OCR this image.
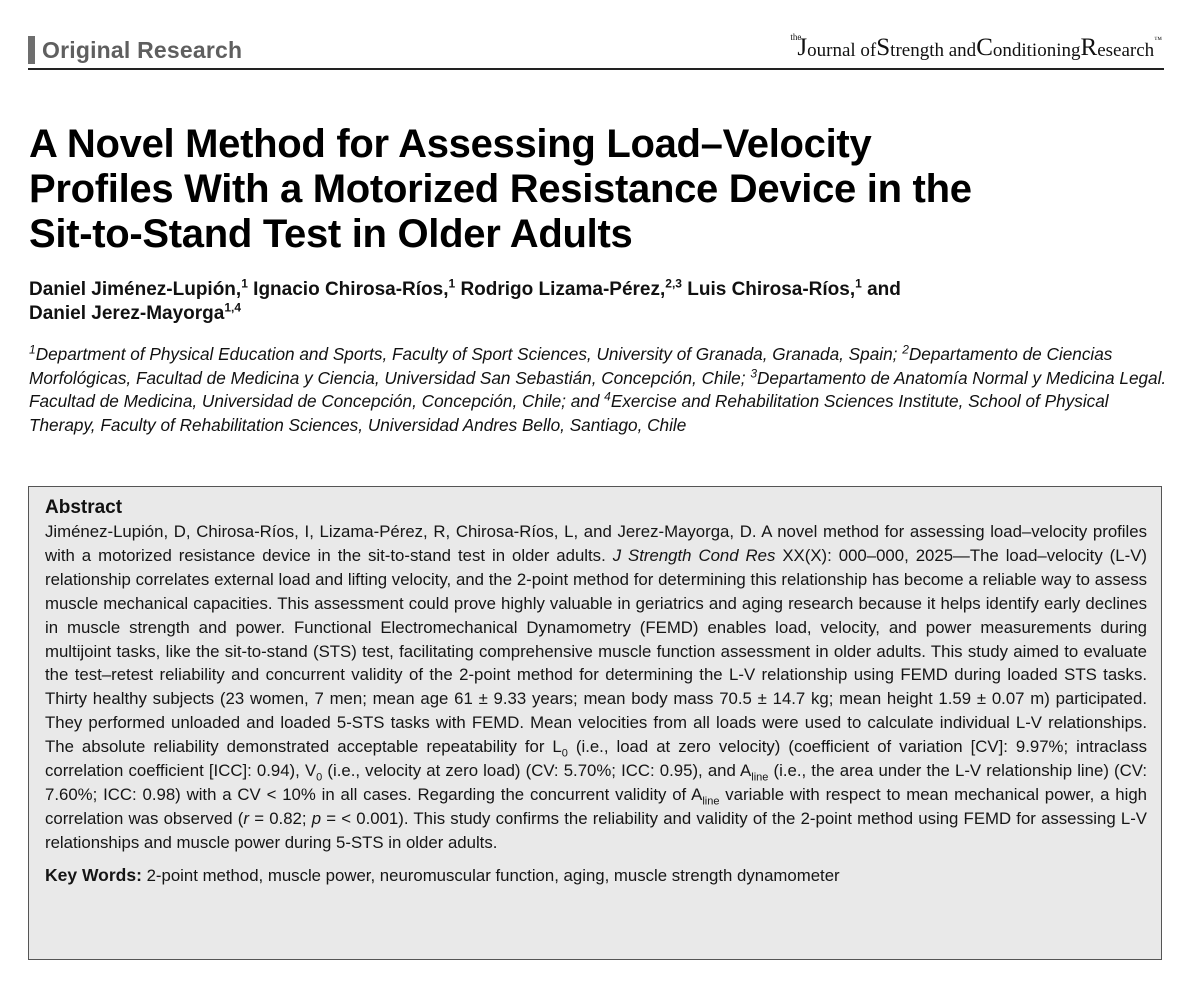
Original Research	the
J ournal of S trength and C onditioning R esearch
™
A Novel Method for Assessing Load–Velocity
Profiles With a Motorized Resistance Device in the
Sit-to-Stand Test in Older Adults
Daniel Jiménez-Lupión,$^1$ Ignacio Chirosa-Ríos,$^1$ Rodrigo Lizama-Pérez,$^{2,3}$ Luis Chirosa-Ríos,$^1$ and
Daniel Jerez-Mayorga$^{1,4}$
$^1$Department of Physical Education and Sports, Faculty of Sport Sciences, University of Granada, Granada, Spain; $^2$Departamento de Ciencias Morfológicas, Facultad de Medicina y Ciencia, Universidad San Sebastián, Concepción, Chile; $^3$Departamento de Anatomía Normal y Medicina Legal. Facultad de Medicina, Universidad de Concepción, Concepción, Chile; and $^4$Exercise and Rehabilitation Sciences Institute, School of Physical Therapy, Faculty of Rehabilitation Sciences, Universidad Andres Bello, Santiago, Chile
Abstract

Jiménez-Lupión, D, Chirosa-Ríos, I, Lizama-Pérez, R, Chirosa-Ríos, L, and Jerez-Mayorga, D. A novel method for assessing load–velocity profiles with a motorized resistance device in the sit-to-stand test in older adults. J Strength Cond Res XX(X): 000–000, 2025—The load–velocity (L-V) relationship correlates external load and lifting velocity, and the 2-point method for determining this relationship has become a reliable way to assess muscle mechanical capacities. This assessment could prove highly valuable in geriatrics and aging research because it helps identify early declines in muscle strength and power. Functional Electromechanical Dynamometry (FEMD) enables load, velocity, and power measurements during multijoint tasks, like the sit-to-stand (STS) test, facilitating comprehensive muscle function assessment in older adults. This study aimed to evaluate the test–retest reliability and concurrent validity of the 2-point method for determining the L-V relationship using FEMD during loaded STS tasks. Thirty healthy subjects (23 women, 7 men; mean age 61 ± 9.33 years; mean body mass 70.5 ± 14.7 kg; mean height 1.59 ± 0.07 m) participated. They performed unloaded and loaded 5-STS tasks with FEMD. Mean velocities from all loads were used to calculate individual L-V relationships. The absolute reliability demonstrated acceptable repeatability for $L_0$ (i.e., load at zero velocity) (coefficient of variation [CV]: 9.97%; intraclass correlation coefficient [ICC]: 0.94), $V_0$ (i.e., velocity at zero load) (CV: 5.70%; ICC: 0.95), and $A_{line}$ (i.e., the area under the L-V relationship line) (CV: 7.60%; ICC: 0.98) with a CV < 10% in all cases. Regarding the concurrent validity of $A_{line}$ variable with respect to mean mechanical power, a high correlation was observed (r = 0.82; p = < 0.001). This study confirms the reliability and validity of the 2-point method using FEMD for assessing L-V relationships and muscle power during 5-STS in older adults.

Key Words: 2-point method, muscle power, neuromuscular function, aging, muscle strength dynamometer
